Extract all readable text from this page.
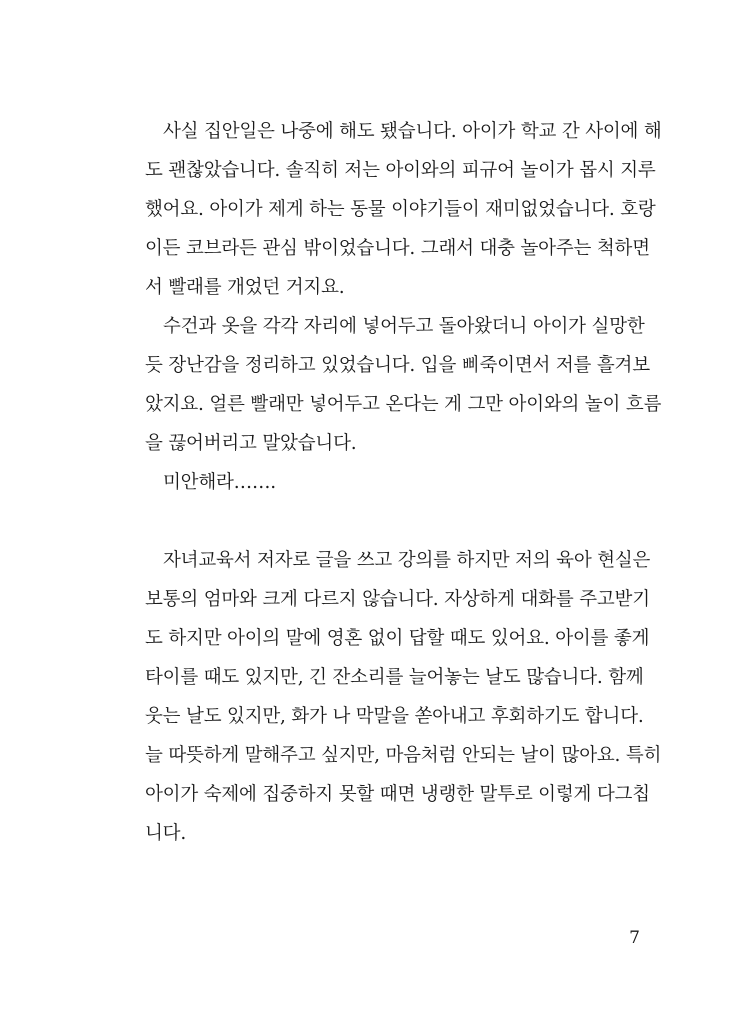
사실 집안일은 나중에 해도 됐습니다. 아이가 학교 간 사이에 해
도 괜찮았습니다. 솔직히 저는 아이와의 피규어 놀이가 몹시 지루
했어요. 아이가 제게 하는 동물 이야기들이 재미없었습니다. 호랑
이든 코브라든 관심 밖이었습니다. 그래서 대충 놀아주는 척하면
서 빨래를 개었던 거지요.
수건과 옷을 각각 자리에 넣어두고 돌아왔더니 아이가 실망한
듯 장난감을 정리하고 있었습니다. 입을 삐죽이면서 저를 흘겨보
았지요. 얼른 빨래만 넣어두고 온다는 게 그만 아이와의 놀이 흐름
을 끊어버리고 말았습니다.
미안해라…….
자녀교육서 저자로 글을 쓰고 강의를 하지만 저의 육아 현실은
보통의 엄마와 크게 다르지 않습니다. 자상하게 대화를 주고받기
도 하지만 아이의 말에 영혼 없이 답할 때도 있어요. 아이를 좋게
타이를 때도 있지만, 긴 잔소리를 늘어놓는 날도 많습니다. 함께
웃는 날도 있지만, 화가 나 막말을 쏟아내고 후회하기도 합니다.
늘 따뜻하게 말해주고 싶지만, 마음처럼 안되는 날이 많아요. 특히
아이가 숙제에 집중하지 못할 때면 냉랭한 말투로 이렇게 다그칩
니다.
7
